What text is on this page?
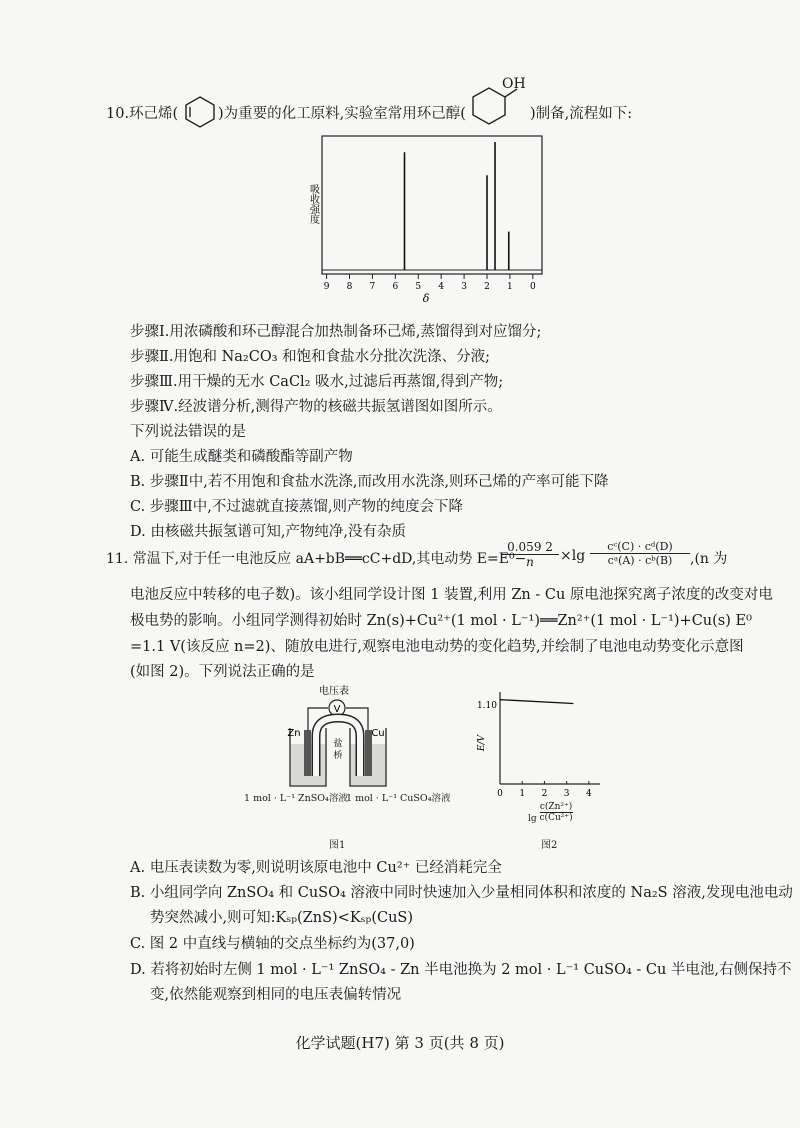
10.环己烯(	)为重要的化工原料,实验室常用环己醇(
OH
)制备,流程如下:
吸收强度
δ
9 8 7 6 5 4 3 2 1 0
步骤Ⅰ.用浓磷酸和环己醇混合加热制备环己烯,蒸馏得到对应馏分;
步骤Ⅱ.用饱和 Na₂CO₃ 和饱和食盐水分批次洗涤、分液;
步骤Ⅲ.用干燥的无水 CaCl₂ 吸水,过滤后再蒸馏,得到产物;
步骤Ⅳ.经波谱分析,测得产物的核磁共振氢谱图如图所示。
下列说法错误的是
A. 可能生成醚类和磷酸酯等副产物
B. 步骤Ⅱ中,若不用饱和食盐水洗涤,而改用水洗涤,则环己烯的产率可能下降
C. 步骤Ⅲ中,不过滤就直接蒸馏,则产物的纯度会下降
D. 由核磁共振氢谱可知,产物纯净,没有杂质
11. 常温下,对于任一电池反应 aA+bB══cC+dD,其电动势 E=E⁰−
$\frac{0.059 2}{n} \times\lg \frac{\text{cᶜ(C) · cᵈ(D)}}{\text{cᵃ(A) · cᵇ(B)}} ,(n$ 为
电池反应中转移的电子数)。该小组同学设计图 1 装置,利用 Zn - Cu 原电池探究离子浓度的改变对电
极电势的影响。小组同学测得初始时 Zn(s)+Cu²⁺(1 mol · L⁻¹)══Zn²⁺(1 mol · L⁻¹)+Cu(s) E⁰
=1.1 V(该反应 n=2)、随放电进行,观察电池电动势的变化趋势,并绘制了电池电动势变化示意图
(如图 2)。下列说法正确的是
电压表
V
Zn	Cu
盐
桥
1 mol · L⁻¹ ZnSO₄溶液
1 mol · L⁻¹ CuSO₄溶液
图1
E/V
1.10
0 1 2 3 4
$\lg \frac{\text{c(Zn²⁺)}}{\text{c(Cu²⁺)}}$
图2
A. 电压表读数为零,则说明该原电池中 Cu²⁺ 已经消耗完全
B. 小组同学向 ZnSO₄ 和 CuSO₄ 溶液中同时快速加入少量相同体积和浓度的 Na₂S 溶液,发现电池电动
势突然减小,则可知:Kₛₚ(ZnS)<Kₛₚ(CuS)
C. 图 2 中直线与横轴的交点坐标约为(37,0)
D. 若将初始时左侧 1 mol · L⁻¹ ZnSO₄ - Zn 半电池换为 2 mol · L⁻¹ CuSO₄ - Cu 半电池,右侧保持不
变,依然能观察到相同的电压表偏转情况
化学试题(H7) 第 3 页(共 8 页)
